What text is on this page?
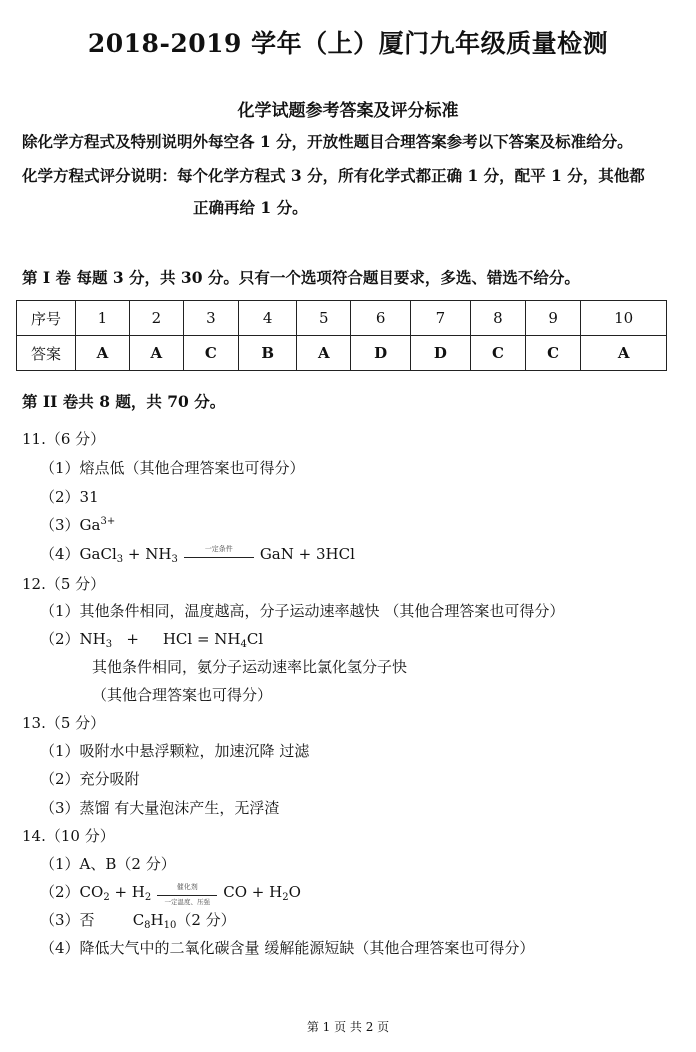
2018-2019 学年（上）厦门九年级质量检测
化学试题参考答案及评分标准
除化学方程式及特别说明外每空各 1 分，开放性题目合理答案参考以下答案及标准给分。
化学方程式评分说明：每个化学方程式 3 分，所有化学式都正确 1 分，配平 1 分，其他都
正确再给 1 分。
第 I 卷 每题 3 分，共 30 分。只有一个选项符合题目要求，多选、错选不给分。
序号	1	2	3	4	5	6	7	8	9	10
答案	A	A	C	B	A	D	D	C	C	A
第 II 卷共 8 题，共 70 分。
11.（6 分）
（1）熔点低（其他合理答案也可得分）
（2）31
$(3)Ga^{3+}$
（4）GaCl$_3$ + $NH_3$
一定条件	GaN + 3HCl
12.（5 分）
（1）其他条件相同，温度越高，分子运动速率越快 （其他合理答案也可得分）
$(2)NH_3$   +     HCl = $NH_4Cl$
其他条件相同，氨分子运动速率比氯化氢分子快
（其他合理答案也可得分）
13.（5 分）
（1）吸附水中悬浮颗粒，加速沉降 过滤
（2）充分吸附
（3）蒸馏 有大量泡沫产生，无浮渣
14.（10 分）
（1）A、B（2 分）
$(2)CO_2 + H_2$
催化剂
一定温度、压强
CO + $H_2O$
（3）否        $C_8H_{10}(2$ 分）
（4）降低大气中的二氧化碳含量 缓解能源短缺（其他合理答案也可得分）
第 1 页 共 2 页
